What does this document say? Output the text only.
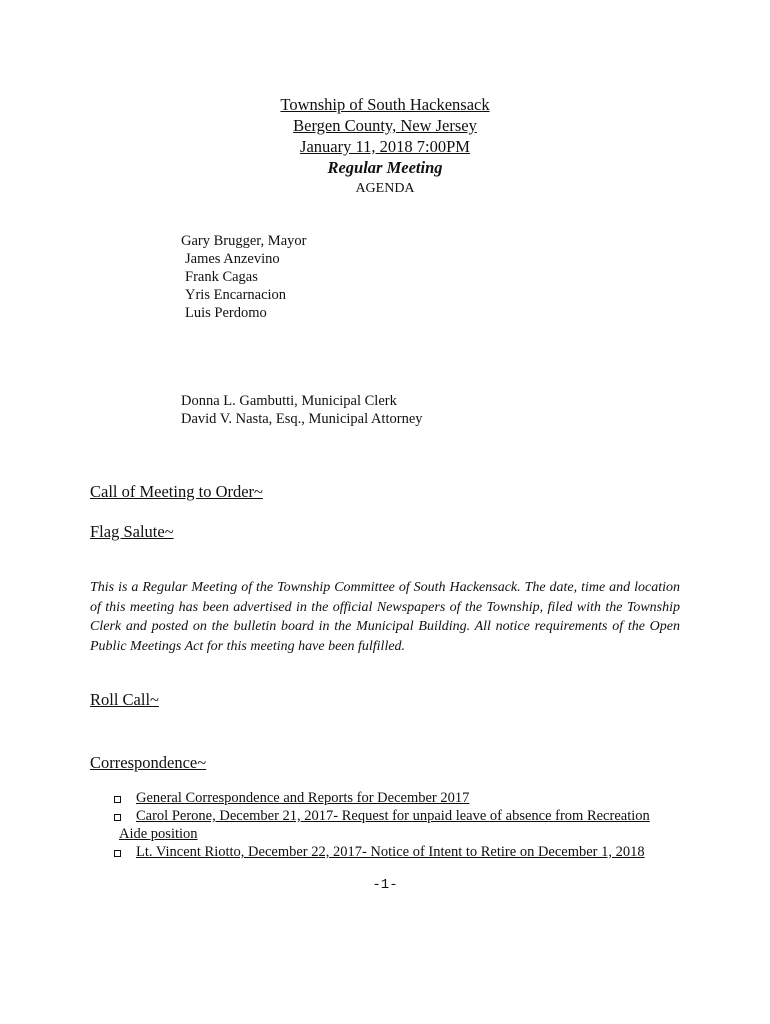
Township of South Hackensack
Bergen County, New Jersey
January 11, 2018 7:00PM
Regular Meeting
AGENDA
Gary Brugger, Mayor
James Anzevino
Frank Cagas
Yris Encarnacion
Luis Perdomo
Donna L. Gambutti, Municipal Clerk
David V. Nasta, Esq., Municipal Attorney
Call of Meeting to Order~
Flag Salute~
This is a Regular Meeting of the Township Committee of South Hackensack. The date, time and location of this meeting has been advertised in the official Newspapers of the Township, filed with the Township Clerk and posted on the bulletin board in the Municipal Building. All notice requirements of the Open Public Meetings Act for this meeting have been fulfilled.
Roll Call~
Correspondence~
General Correspondence and Reports for December 2017
Carol Perone, December 21, 2017- Request for unpaid leave of absence from Recreation
Aide position
Lt. Vincent Riotto, December 22, 2017- Notice of Intent to Retire on December 1, 2018
-1-
